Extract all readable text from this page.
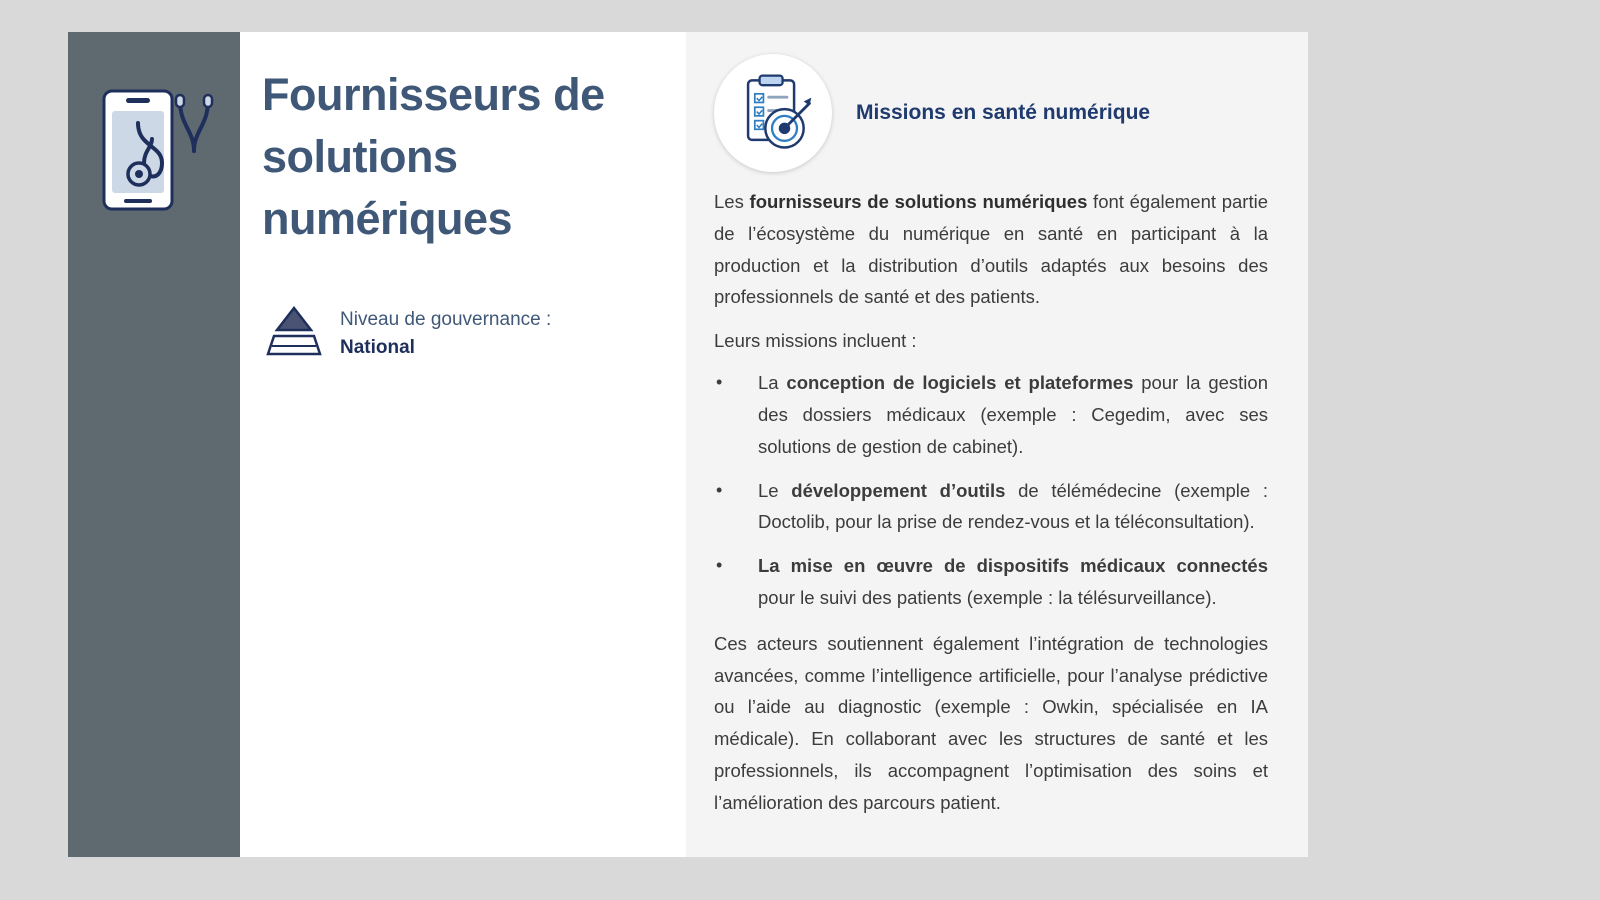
Fournisseurs de solutions numériques
Niveau de gouvernance :
National
Missions en santé numérique

Les fournisseurs de solutions numériques font également partie de l’écosystème du numérique en santé en participant à la production et la distribution d’outils adaptés aux besoins des professionnels de santé et des patients.

Leurs missions incluent :

• La conception de logiciels et plateformes pour la gestion des dossiers médicaux (exemple : Cegedim, avec ses solutions de gestion de cabinet).
• Le développement d’outils de télémédecine (exemple : Doctolib, pour la prise de rendez-vous et la téléconsultation).
• La mise en œuvre de dispositifs médicaux connectés pour le suivi des patients (exemple : la télésurveillance).

Ces acteurs soutiennent également l’intégration de technologies avancées, comme l’intelligence artificielle, pour l’analyse prédictive ou l’aide au diagnostic (exemple : Owkin, spécialisée en IA médicale). En collaborant avec les structures de santé et les professionnels, ils accompagnent l’optimisation des soins et l’amélioration des parcours patient.
